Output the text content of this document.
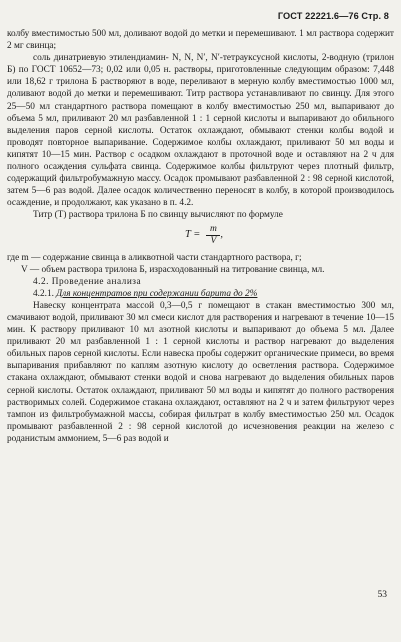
ГОСТ 22221.6—76 Стр. 8

колбу вместимостью 500 мл, доливают водой до метки и перемешивают. 1 мл раствора содержит 2 мг свинца;

соль динатриевую этилендиамин- N, N, N′, N′-тетрауксусной кислоты, 2-водную (трилон Б) по ГОСТ 10652—73; 0,02 или 0,05 н. растворы, приготовленные следующим образом: 7,448 или 18,62 г трилона Б растворяют в воде, переливают в мерную колбу вместимостью 1000 мл, доливают водой до метки и перемешивают. Титр раствора устанавливают по свинцу. Для этого 25—50 мл стандартного раствора помещают в колбу вместимостью 250 мл, выпаривают до объема 5 мл, приливают 20 мл разбавленной 1 : 1 серной кислоты и выпаривают до обильного выделения паров серной кислоты. Остаток охлаждают, обмывают стенки колбы водой и проводят повторное выпаривание. Содержимое колбы охлаждают, приливают 50 мл воды и кипятят 10—15 мин. Раствор с осадком охлаждают в проточной воде и оставляют на 2 ч для полного осаждения сульфата свинца. Содержимое колбы фильтруют через плотный фильтр, содержащий фильтробумажную массу. Осадок промывают разбавленной 2 : 98 серной кислотой, затем 5—6 раз водой. Далее осадок количественно переносят в колбу, в которой производилось осаждение, и продолжают, как указано в п. 4.2.

Титр (T) раствора трилона Б по свинцу вычисляют по формуле

$T = \frac{m}{V}$ ,

где m — содержание свинца в аликвотной части стандартного раствора, г;

V — объем раствора трилона Б, израсходованный на титрование свинца, мл.

4.2. Проведение анализа

4.2.1. Для концентратов при содержании барита до 2%

Навеску концентрата массой 0,3—0,5 г помещают в стакан вместимостью 300 мл, смачивают водой, приливают 30 мл смеси кислот для растворения и нагревают в течение 10—15 мин. К раствору приливают 10 мл азотной кислоты и выпаривают до объема 5 мл. Далее приливают 20 мл разбавленной 1 : 1 серной кислоты и раствор нагревают до выделения обильных паров серной кислоты. Если навеска пробы содержит органические примеси, во время выпаривания прибавляют по каплям азотную кислоту до осветления раствора. Содержимое стакана охлаждают, обмывают стенки водой и снова нагревают до выделения обильных паров серной кислоты. Остаток охлаждают, приливают 50 мл воды и кипятят до полного растворения растворимых солей. Содержимое стакана охлаждают, оставляют на 2 ч и затем фильтруют через тампон из фильтробумажной массы, собирая фильтрат в колбу вместимостью 250 мл. Осадок промывают разбавленной 2 : 98 серной кислотой до исчезновения реакции на железо с роданистым аммонием, 5—6 раз водой и

53
